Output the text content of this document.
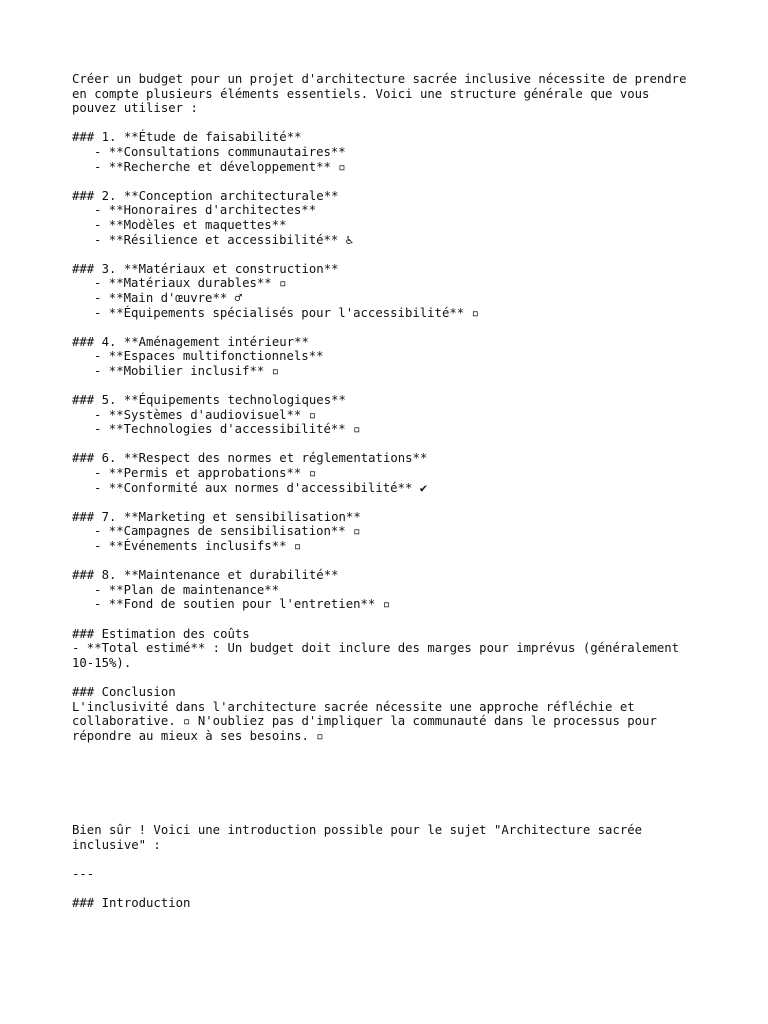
Créer un budget pour un projet d'architecture sacrée inclusive nécessite de prendre
en compte plusieurs éléments essentiels. Voici une structure générale que vous
pouvez utiliser :
### 1. **Étude de faisabilité**
- **Consultations communautaires**
- **Recherche et développement** ▫
### 2. **Conception architecturale**
- **Honoraires d'architectes**
- **Modèles et maquettes**
- **Résilience et accessibilité** ♿
### 3. **Matériaux et construction**
- **Matériaux durables** ▫
- **Main d'œuvre** ♂
- **Équipements spécialisés pour l'accessibilité** ▫
### 4. **Aménagement intérieur**
- **Espaces multifonctionnels**
- **Mobilier inclusif** ▫
### 5. **Équipements technologiques**
- **Systèmes d'audiovisuel** ▫
- **Technologies d'accessibilité** ▫
### 6. **Respect des normes et réglementations**
- **Permis et approbations** ▫
- **Conformité aux normes d'accessibilité** ✔
### 7. **Marketing et sensibilisation**
- **Campagnes de sensibilisation** ▫
- **Événements inclusifs** ▫
### 8. **Maintenance et durabilité**
- **Plan de maintenance**
- **Fond de soutien pour l'entretien** ▫
### Estimation des coûts
- **Total estimé** : Un budget doit inclure des marges pour imprévus (généralement
10-15%).
### Conclusion
L'inclusivité dans l'architecture sacrée nécessite une approche réfléchie et
collaborative. ▫ N'oubliez pas d'impliquer la communauté dans le processus pour
répondre au mieux à ses besoins. ▫
Bien sûr ! Voici une introduction possible pour le sujet "Architecture sacrée
inclusive" :
---
### Introduction
